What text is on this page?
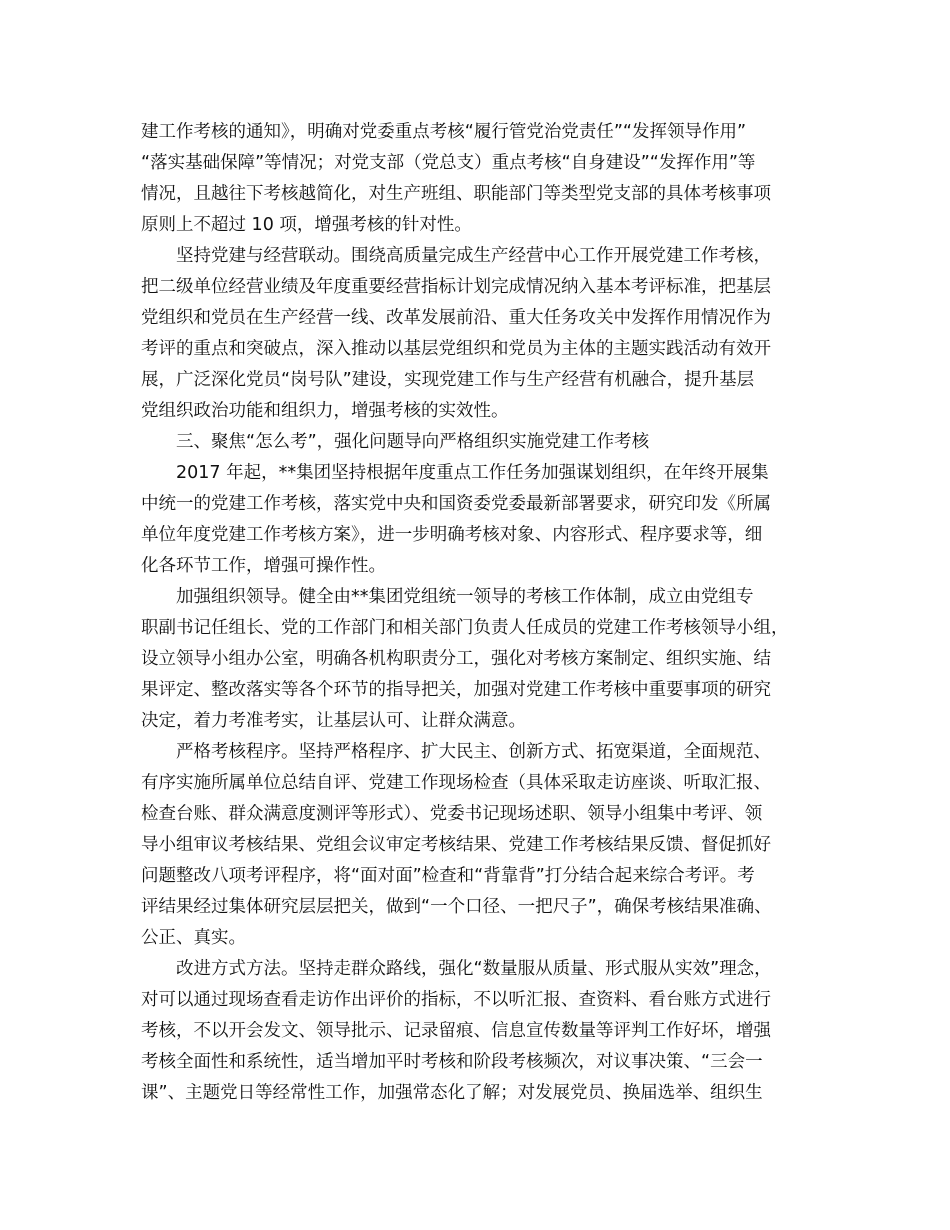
建工作考核的通知》，明确对党委重点考核“履行管党治党责任”“发挥领导作用”
“落实基础保障”等情况；对党支部（党总支）重点考核“自身建设”“发挥作用”等
情况，且越往下考核越简化，对生产班组、职能部门等类型党支部的具体考核事项
原则上不超过 10 项，增强考核的针对性。
坚持党建与经营联动。围绕高质量完成生产经营中心工作开展党建工作考核，
把二级单位经营业绩及年度重要经营指标计划完成情况纳入基本考评标准，把基层
党组织和党员在生产经营一线、改革发展前沿、重大任务攻关中发挥作用情况作为
考评的重点和突破点，深入推动以基层党组织和党员为主体的主题实践活动有效开
展，广泛深化党员“岗号队”建设，实现党建工作与生产经营有机融合，提升基层
党组织政治功能和组织力，增强考核的实效性。
三、聚焦“怎么考”，强化问题导向严格组织实施党建工作考核
2017 年起，**集团坚持根据年度重点工作任务加强谋划组织，在年终开展集
中统一的党建工作考核，落实党中央和国资委党委最新部署要求，研究印发《所属
单位年度党建工作考核方案》，进一步明确考核对象、内容形式、程序要求等，细
化各环节工作，增强可操作性。
加强组织领导。健全由**集团党组统一领导的考核工作体制，成立由党组专
职副书记任组长、党的工作部门和相关部门负责人任成员的党建工作考核领导小组，
设立领导小组办公室，明确各机构职责分工，强化对考核方案制定、组织实施、结
果评定、整改落实等各个环节的指导把关，加强对党建工作考核中重要事项的研究
决定，着力考准考实，让基层认可、让群众满意。
严格考核程序。坚持严格程序、扩大民主、创新方式、拓宽渠道，全面规范、
有序实施所属单位总结自评、党建工作现场检查（具体采取走访座谈、听取汇报、
检查台账、群众满意度测评等形式）、党委书记现场述职、领导小组集中考评、领
导小组审议考核结果、党组会议审定考核结果、党建工作考核结果反馈、督促抓好
问题整改八项考评程序，将“面对面”检查和“背靠背”打分结合起来综合考评。考
评结果经过集体研究层层把关，做到“一个口径、一把尺子”，确保考核结果准确、
公正、真实。
改进方式方法。坚持走群众路线，强化“数量服从质量、形式服从实效”理念，
对可以通过现场查看走访作出评价的指标，不以听汇报、查资料、看台账方式进行
考核，不以开会发文、领导批示、记录留痕、信息宣传数量等评判工作好坏，增强
考核全面性和系统性，适当增加平时考核和阶段考核频次，对议事决策、“三会一
课”、主题党日等经常性工作，加强常态化了解；对发展党员、换届选举、组织生
